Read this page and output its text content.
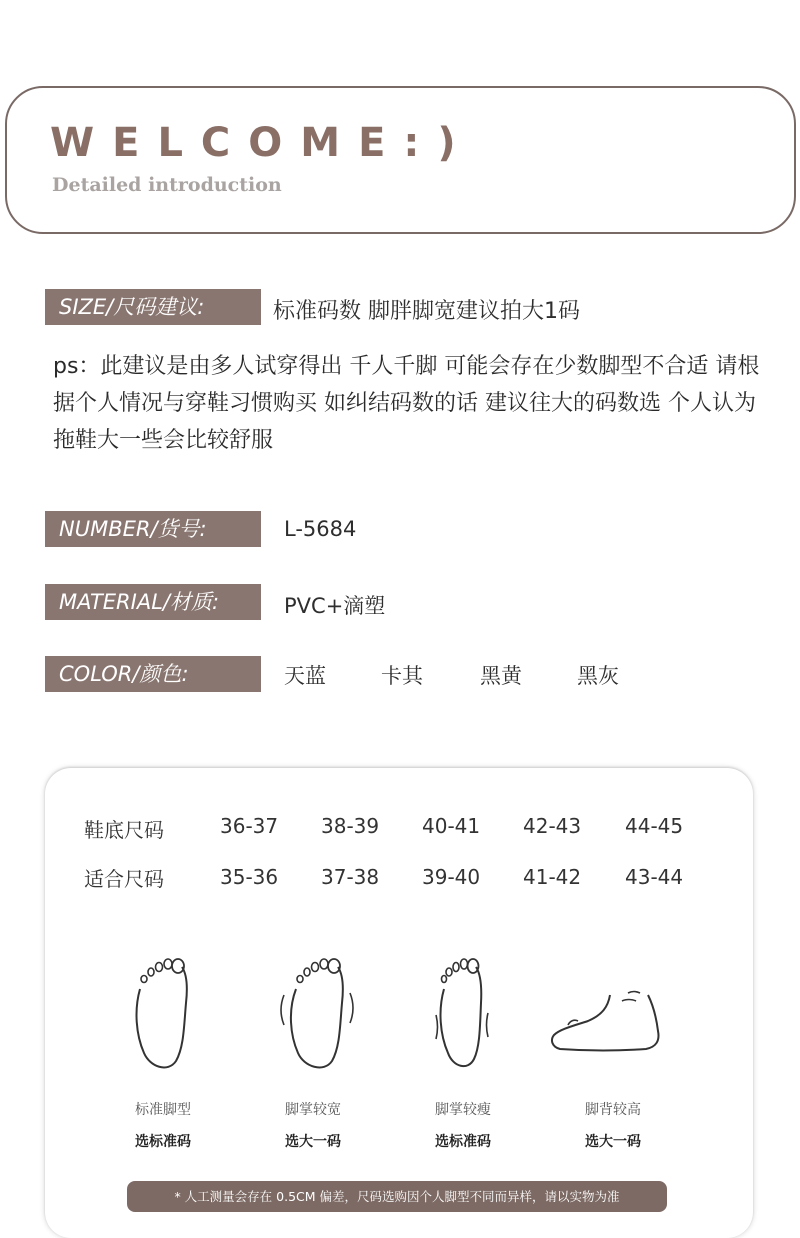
WELCOME:)
Detailed introduction
SIZE/尺码建议:	标准码数 脚胖脚宽建议拍大1码
ps：此建议是由多人试穿得出 千人千脚 可能会存在少数脚型不合适 请根据个人情况与穿鞋习惯购买 如纠结码数的话 建议往大的码数选 个人认为拖鞋大一些会比较舒服
NUMBER/货号:	L-5684
MATERIAL/材质:	PVC+滴塑
COLOR/颜色:	天蓝	卡其	黑黄	黑灰
鞋底尺码	36-37 38-39 40-41 42-43 44-45
适合尺码	35-36 37-38 39-40 41-42 43-44
标准脚型	脚掌较宽	脚掌较瘦	脚背较高
选标准码	选大一码	选标准码	选大一码
* 人工测量会存在 0.5CM 偏差，尺码选购因个人脚型不同而异样，请以实物为准
